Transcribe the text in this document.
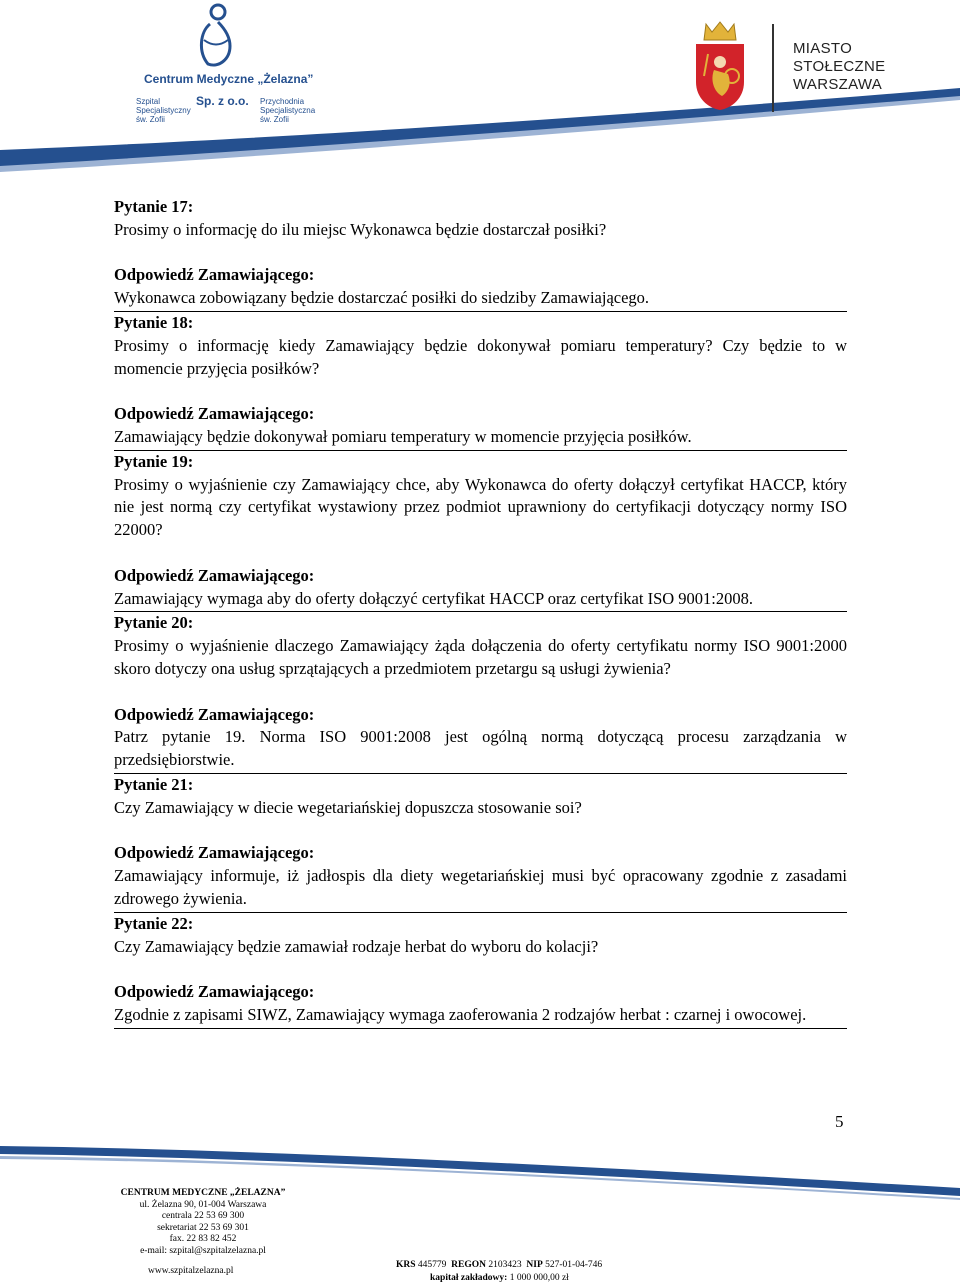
Centrum Medyczne „Żelazna”
Szpital Specjalistyczny św. Zofii
Sp. z o.o. Przychodnia Specjalistyczna św. Zofii
MIASTO
STOŁECZNE
WARSZAWA
Pytanie 17:
Prosimy o informację do ilu miejsc Wykonawca będzie dostarczał posiłki?
Odpowiedź Zamawiającego:
Wykonawca zobowiązany będzie dostarczać posiłki do siedziby Zamawiającego.
Pytanie 18:
Prosimy o informację kiedy Zamawiający będzie dokonywał pomiaru temperatury? Czy będzie to w momencie przyjęcia posiłków?
Odpowiedź Zamawiającego:
Zamawiający będzie dokonywał pomiaru temperatury w momencie przyjęcia posiłków.
Pytanie 19:
Prosimy o wyjaśnienie czy Zamawiający chce, aby Wykonawca do oferty dołączył certyfikat HACCP, który nie jest normą czy certyfikat wystawiony przez podmiot uprawniony do certyfikacji dotyczący normy ISO 22000?
Odpowiedź Zamawiającego:
Zamawiający wymaga aby do oferty dołączyć certyfikat HACCP oraz certyfikat ISO 9001:2008.
Pytanie 20:
Prosimy o wyjaśnienie dlaczego Zamawiający żąda dołączenia do oferty certyfikatu normy ISO 9001:2000 skoro dotyczy ona usług sprzątających a przedmiotem przetargu są usługi żywienia?
Odpowiedź Zamawiającego:
Patrz pytanie 19. Norma ISO 9001:2008 jest ogólną normą dotyczącą procesu zarządzania w przedsiębiorstwie.
Pytanie 21:
Czy Zamawiający w diecie wegetariańskiej dopuszcza stosowanie soi?
Odpowiedź Zamawiającego:
Zamawiający informuje, iż jadłospis dla diety wegetariańskiej musi być opracowany zgodnie z zasadami zdrowego żywienia.
Pytanie 22:
Czy Zamawiający będzie zamawiał rodzaje herbat do wyboru do kolacji?
Odpowiedź Zamawiającego:
Zgodnie z zapisami SIWZ, Zamawiający wymaga zaoferowania 2 rodzajów herbat : czarnej i owocowej.
5
CENTRUM MEDYCZNE „ŻELAZNA”
ul. Żelazna 90, 01-004 Warszawa
centrala 22 53 69 300
sekretariat 22 53 69 301
fax. 22 83 82 452
e-mail: szpital@szpitalzelazna.pl
www.szpitalzelazna.pl
KRS 445779 REGON 2103423 NIP 527-01-04-746
kapitał zakładowy: 1 000 000,00 zł
